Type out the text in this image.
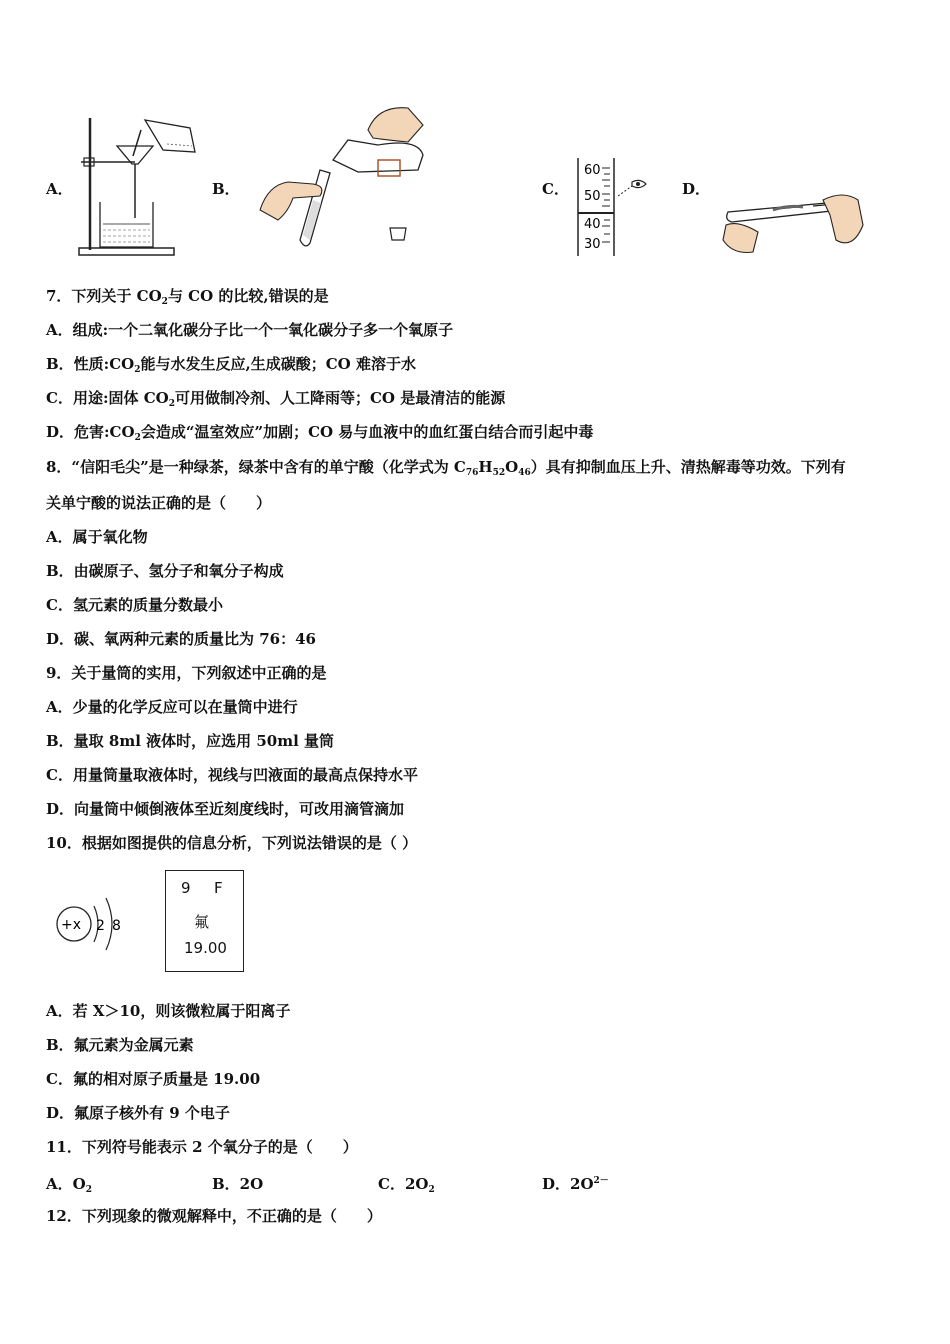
A．	B．	C．	D．
60
50
40
30
7．下列关于 $CO_2$与 CO 的比较,错误的是
A．组成:一个二氧化碳分子比一个一氧化碳分子多一个氧原子
B．性质$:CO_2$能与水发生反应,生成碳酸；CO 难溶于水
C．用途:固体 $CO_2$可用做制冷剂、人工降雨等；CO 是最清洁的能源
D．危害$:CO_2$会造成“温室效应”加剧；CO 易与血液中的血红蛋白结合而引起中毒
8．“信阳毛尖”是一种绿茶，绿茶中含有的单宁酸（化学式为 $C_{76}H_{52}O_{46}$）具有抑制血压上升、清热解毒等功效。下列有
关单宁酸的说法正确的是（　　）
A．属于氧化物
B．由碳原子、氢分子和氧分子构成
C．氢元素的质量分数最小
D．碳、氧两种元素的质量比为 76：46
9．关于量筒的实用，下列叙述中正确的是
A．少量的化学反应可以在量筒中进行
B．量取 8ml 液体时，应选用 50ml 量筒
C．用量筒量取液体时，视线与凹液面的最高点保持水平
D．向量筒中倾倒液体至近刻度线时，可改用滴管滴加
10．根据如图提供的信息分析，下列说法错误的是（ ）
+x 2 8
9 F
氟
19.00
A．若 X＞10，则该微粒属于阳离子
B．氟元素为金属元素
C．氟的相对原子质量是 19.00
D．氟原子核外有 9 个电子
11．下列符号能表示 2 个氧分子的是（　　）
A．$O_2$	B．2O	C．$2O_2$	D．$2O^{2-}$
12．下列现象的微观解释中，不正确的是（　　）
